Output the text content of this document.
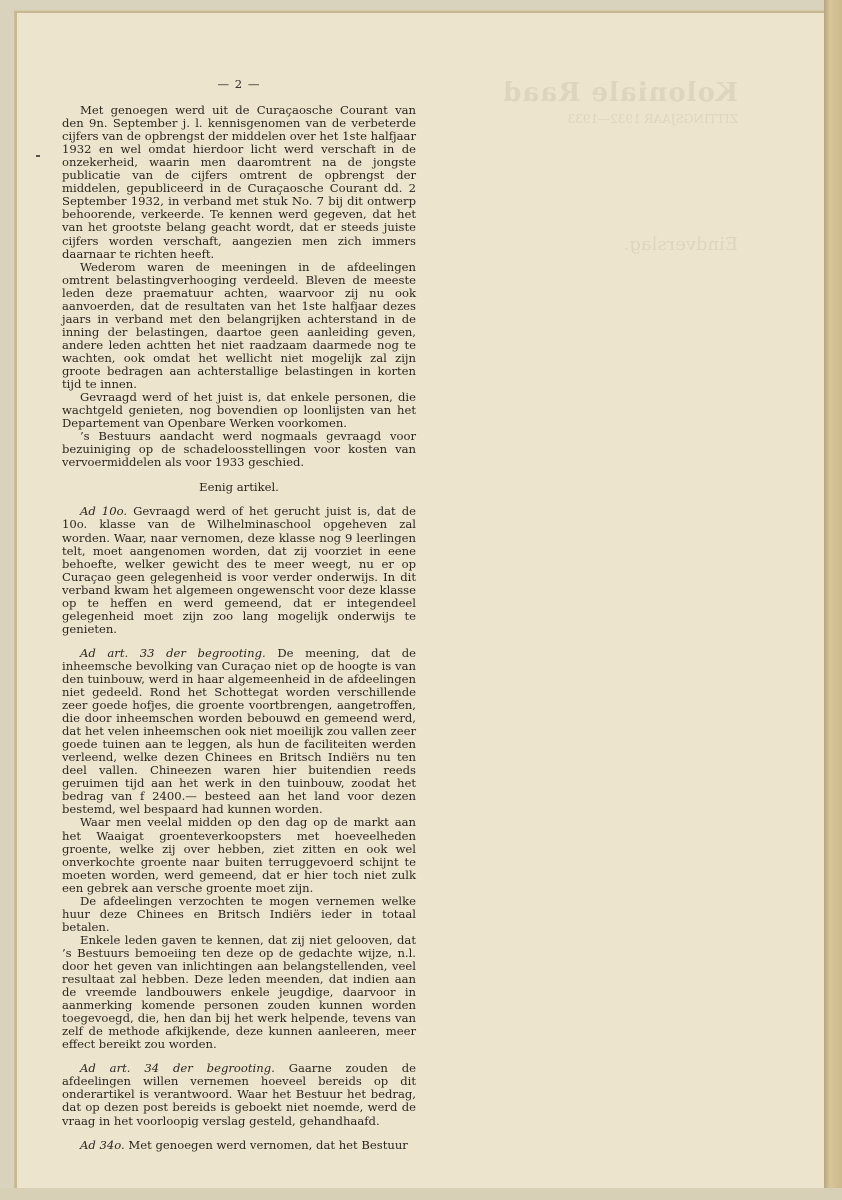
Koloniale Raad
ZITTINGSJAAR 1932—1933
Eindverslag.
— 2 —

Met genoegen werd uit de Curaçaosche Courant van den 9n. September j. l. kennisgenomen van de verbeterde cijfers van de opbrengst der middelen over het 1ste halfjaar 1932 en wel omdat hierdoor licht werd verschaft in de onzekerheid, waarin men daaromtrent na de jongste publicatie van de cijfers omtrent de opbrengst der middelen, gepubliceerd in de Curaçaosche Courant dd. 2 September 1932, in verband met stuk No. 7 bij dit ontwerp behoorende, verkeerde. Te kennen werd gegeven, dat het van het grootste belang geacht wordt, dat er steeds juiste cijfers worden verschaft, aangezien men zich immers daarnaar te richten heeft.

Wederom waren de meeningen in de afdeelingen omtrent belastingverhooging verdeeld. Bleven de meeste leden deze praematuur achten, waarvoor zij nu ook aanvoerden, dat de resultaten van het 1ste halfjaar dezes jaars in verband met den belangrijken achterstand in de inning der belastingen, daartoe geen aanleiding geven, andere leden achtten het niet raadzaam daarmede nog te wachten, ook omdat het wellicht niet mogelijk zal zijn groote bedragen aan achterstallige belastingen in korten tijd te innen.

Gevraagd werd of het juist is, dat enkele personen, die wachtgeld genieten, nog bovendien op loonlijsten van het Departement van Openbare Werken voorkomen.

’s Bestuurs aandacht werd nogmaals gevraagd voor bezuiniging op de schadeloosstellingen voor kosten van vervoermiddelen als voor 1933 geschied.

Eenig artikel.

Ad 10o. Gevraagd werd of het gerucht juist is, dat de 10o. klasse van de Wilhelminaschool opgeheven zal worden. Waar, naar vernomen, deze klasse nog 9 leerlingen telt, moet aangenomen worden, dat zij voorziet in eene behoefte, welker gewicht des te meer weegt, nu er op Curaçao geen gelegenheid is voor verder onderwijs. In dit verband kwam het algemeen ongewenscht voor deze klasse op te heffen en werd gemeend, dat er integendeel gelegenheid moet zijn zoo lang mogelijk onderwijs te genieten.

Ad art. 33 der begrooting. De meening, dat de inheemsche bevolking van Curaçao niet op de hoogte is van den tuinbouw, werd in haar algemeenheid in de afdeelingen niet gedeeld. Rond het Schottegat worden verschillende zeer goede hofjes, die groente voortbrengen, aangetroffen, die door inheemschen worden bebouwd en gemeend werd, dat het velen inheemschen ook niet moeilijk zou vallen zeer goede tuinen aan te leggen, als hun de faciliteiten werden verleend, welke dezen Chinees en Britsch Indiërs nu ten deel vallen. Chineezen waren hier buitendien reeds geruimen tijd aan het werk in den tuinbouw, zoodat het bedrag van f 2400.— besteed aan het land voor dezen bestemd, wel bespaard had kunnen worden.

Waar men veelal midden op den dag op de markt aan het Waaigat groenteverkoopsters met hoeveelheden groente, welke zij over hebben, ziet zitten en ook wel onverkochte groente naar buiten terruggevoerd schijnt te moeten worden, werd gemeend, dat er hier toch niet zulk een gebrek aan versche groente moet zijn.

De afdeelingen verzochten te mogen vernemen welke huur deze Chinees en Britsch Indiërs ieder in totaal betalen.

Enkele leden gaven te kennen, dat zij niet gelooven, dat ’s Bestuurs bemoeiing ten deze op de gedachte wijze, n.l. door het geven van inlichtingen aan belangstellenden, veel resultaat zal hebben. Deze leden meenden, dat indien aan de vreemde landbouwers enkele jeugdige, daarvoor in aanmerking komende personen zouden kunnen worden toegevoegd, die, hen dan bij het werk helpende, tevens van zelf de methode afkijkende, deze kunnen aanleeren, meer effect bereikt zou worden.

Ad art. 34 der begrooting. Gaarne zouden de afdeelingen willen vernemen hoeveel bereids op dit onderartikel is verantwoord. Waar het Bestuur het bedrag, dat op dezen post bereids is geboekt niet noemde, werd de vraag in het voorloopig verslag gesteld, gehandhaafd.

Ad 34o. Met genoegen werd vernomen, dat het Bestuur
